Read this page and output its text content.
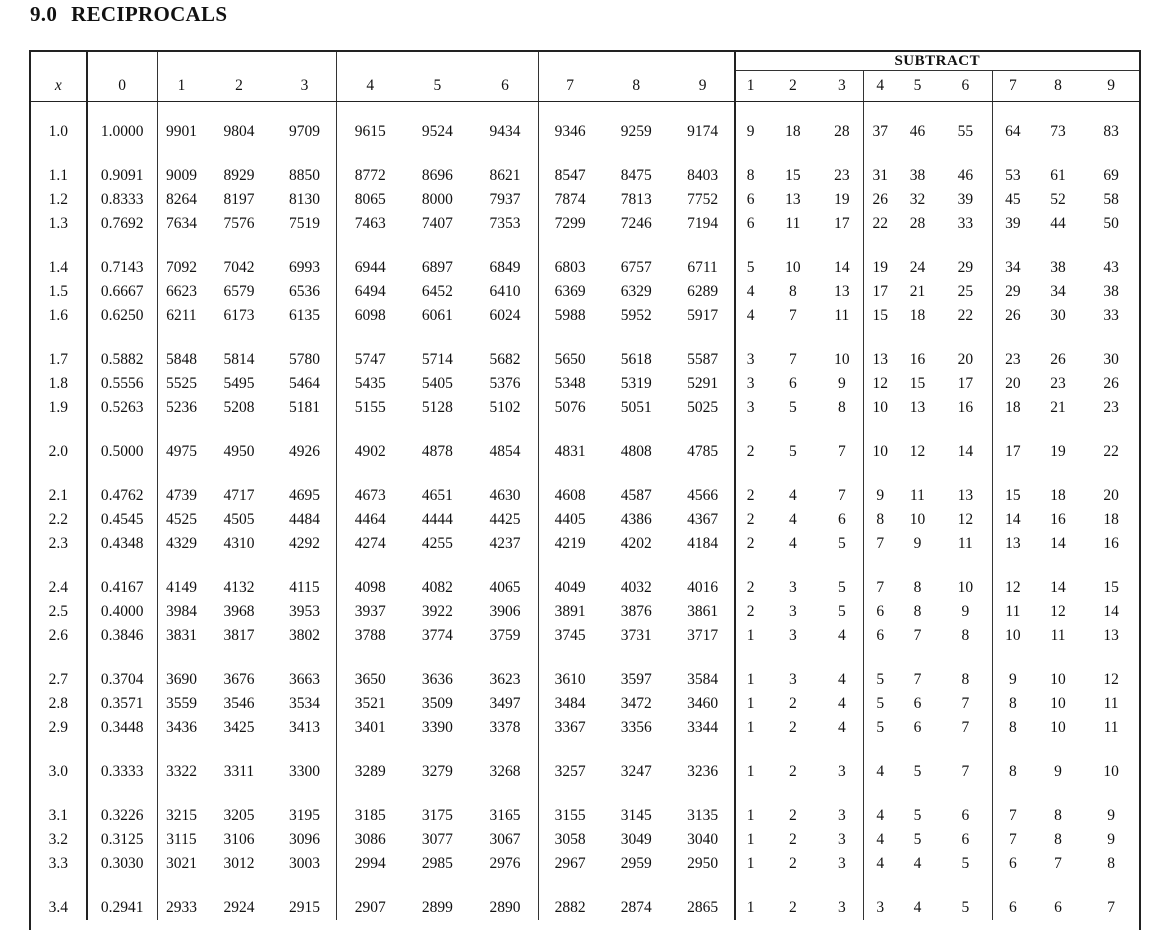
9.0 RECIPROCALS
											SUBTRACT								
x	0	1	2	3	4	5	6	7	8	9	1	2	3	4	5	6	7	8	9

1.0	1.0000	9901	9804	9709	9615	9524	9434	9346	9259	9174	9	18	28	37	46	55	64	73	83

1.1	0.9091	9009	8929	8850	8772	8696	8621	8547	8475	8403	8	15	23	31	38	46	53	61	69
1.2	0.8333	8264	8197	8130	8065	8000	7937	7874	7813	7752	6	13	19	26	32	39	45	52	58
1.3	0.7692	7634	7576	7519	7463	7407	7353	7299	7246	7194	6	11	17	22	28	33	39	44	50

1.4	0.7143	7092	7042	6993	6944	6897	6849	6803	6757	6711	5	10	14	19	24	29	34	38	43
1.5	0.6667	6623	6579	6536	6494	6452	6410	6369	6329	6289	4	8	13	17	21	25	29	34	38
1.6	0.6250	6211	6173	6135	6098	6061	6024	5988	5952	5917	4	7	11	15	18	22	26	30	33

1.7	0.5882	5848	5814	5780	5747	5714	5682	5650	5618	5587	3	7	10	13	16	20	23	26	30
1.8	0.5556	5525	5495	5464	5435	5405	5376	5348	5319	5291	3	6	9	12	15	17	20	23	26
1.9	0.5263	5236	5208	5181	5155	5128	5102	5076	5051	5025	3	5	8	10	13	16	18	21	23

2.0	0.5000	4975	4950	4926	4902	4878	4854	4831	4808	4785	2	5	7	10	12	14	17	19	22

2.1	0.4762	4739	4717	4695	4673	4651	4630	4608	4587	4566	2	4	7	9	11	13	15	18	20
2.2	0.4545	4525	4505	4484	4464	4444	4425	4405	4386	4367	2	4	6	8	10	12	14	16	18
2.3	0.4348	4329	4310	4292	4274	4255	4237	4219	4202	4184	2	4	5	7	9	11	13	14	16

2.4	0.4167	4149	4132	4115	4098	4082	4065	4049	4032	4016	2	3	5	7	8	10	12	14	15
2.5	0.4000	3984	3968	3953	3937	3922	3906	3891	3876	3861	2	3	5	6	8	9	11	12	14
2.6	0.3846	3831	3817	3802	3788	3774	3759	3745	3731	3717	1	3	4	6	7	8	10	11	13

2.7	0.3704	3690	3676	3663	3650	3636	3623	3610	3597	3584	1	3	4	5	7	8	9	10	12
2.8	0.3571	3559	3546	3534	3521	3509	3497	3484	3472	3460	1	2	4	5	6	7	8	10	11
2.9	0.3448	3436	3425	3413	3401	3390	3378	3367	3356	3344	1	2	4	5	6	7	8	10	11

3.0	0.3333	3322	3311	3300	3289	3279	3268	3257	3247	3236	1	2	3	4	5	7	8	9	10

3.1	0.3226	3215	3205	3195	3185	3175	3165	3155	3145	3135	1	2	3	4	5	6	7	8	9
3.2	0.3125	3115	3106	3096	3086	3077	3067	3058	3049	3040	1	2	3	4	5	6	7	8	9
3.3	0.3030	3021	3012	3003	2994	2985	2976	2967	2959	2950	1	2	3	4	4	5	6	7	8

3.4	0.2941	2933	2924	2915	2907	2899	2890	2882	2874	2865	1	2	3	3	4	5	6	6	7
